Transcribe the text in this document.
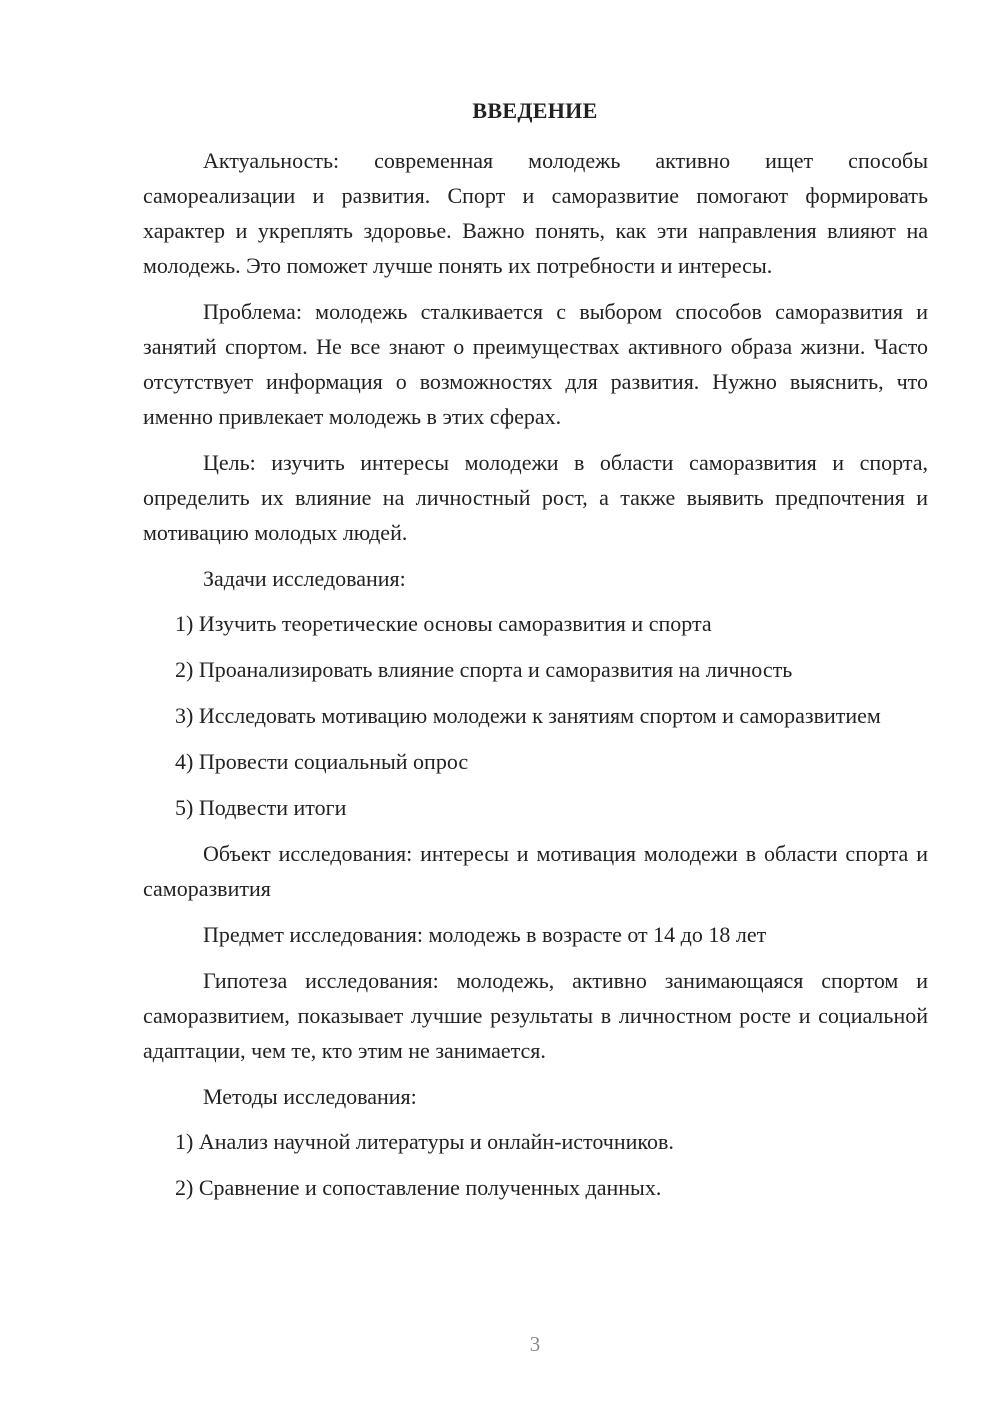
ВВЕДЕНИЕ

Актуальность: современная молодежь активно ищет способы самореализации и развития. Спорт и саморазвитие помогают формировать характер и укреплять здоровье. Важно понять, как эти направления влияют на молодежь. Это поможет лучше понять их потребности и интересы.

Проблема: молодежь сталкивается с выбором способов саморазвития и занятий спортом. Не все знают о преимуществах активного образа жизни. Часто отсутствует информация о возможностях для развития. Нужно выяснить, что именно привлекает молодежь в этих сферах.

Цель: изучить интересы молодежи в области саморазвития и спорта, определить их влияние на личностный рост, а также выявить предпочтения и мотивацию молодых людей.

Задачи исследования:

1) Изучить теоретические основы саморазвития и спорта

2) Проанализировать влияние спорта и саморазвития на личность

3) Исследовать мотивацию молодежи к занятиям спортом и саморазвитием

4) Провести социальный опрос

5) Подвести итоги

Объект исследования: интересы и мотивация молодежи в области спорта и саморазвития

Предмет исследования: молодежь в возрасте от 14 до 18 лет

Гипотеза исследования: молодежь, активно занимающаяся спортом и саморазвитием, показывает лучшие результаты в личностном росте и социальной адаптации, чем те, кто этим не занимается.

Методы исследования:

1) Анализ научной литературы и онлайн-источников.

2) Сравнение и сопоставление полученных данных.

3
